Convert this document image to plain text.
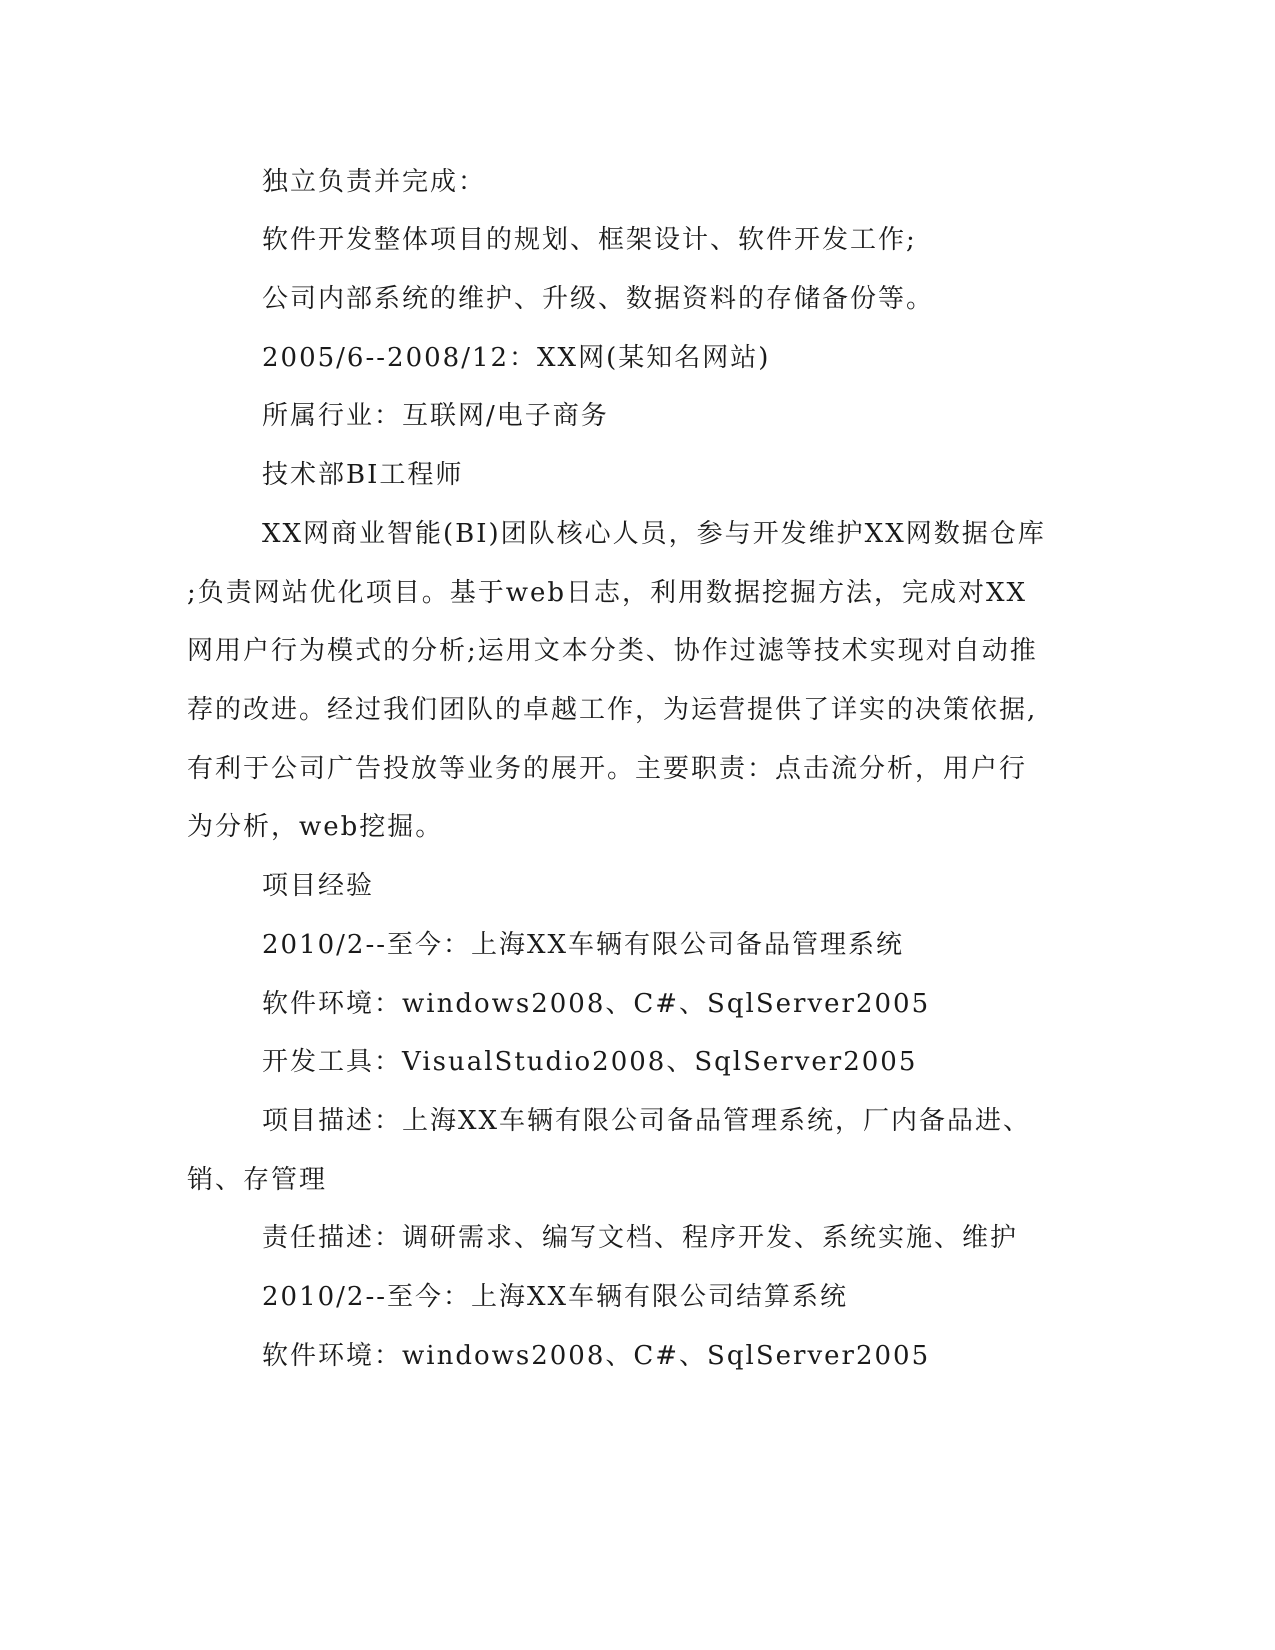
独立负责并完成：
软件开发整体项目的规划、框架设计、软件开发工作;
公司内部系统的维护、升级、数据资料的存储备份等。
2005/6--2008/12：XX网(某知名网站)
所属行业：互联网/电子商务
技术部BI工程师
XX网商业智能(BI)团队核心人员，参与开发维护XX网数据仓库
;负责网站优化项目。基于web日志，利用数据挖掘方法，完成对XX
网用户行为模式的分析;运用文本分类、协作过滤等技术实现对自动推
荐的改进。经过我们团队的卓越工作，为运营提供了详实的决策依据,
有利于公司广告投放等业务的展开。主要职责：点击流分析，用户行
为分析，web挖掘。
项目经验
2010/2--至今：上海XX车辆有限公司备品管理系统
软件环境：windows2008、C#、SqlServer2005
开发工具：VisualStudio2008、SqlServer2005
项目描述：上海XX车辆有限公司备品管理系统，厂内备品进、
销、存管理
责任描述：调研需求、编写文档、程序开发、系统实施、维护
2010/2--至今：上海XX车辆有限公司结算系统
软件环境：windows2008、C#、SqlServer2005
